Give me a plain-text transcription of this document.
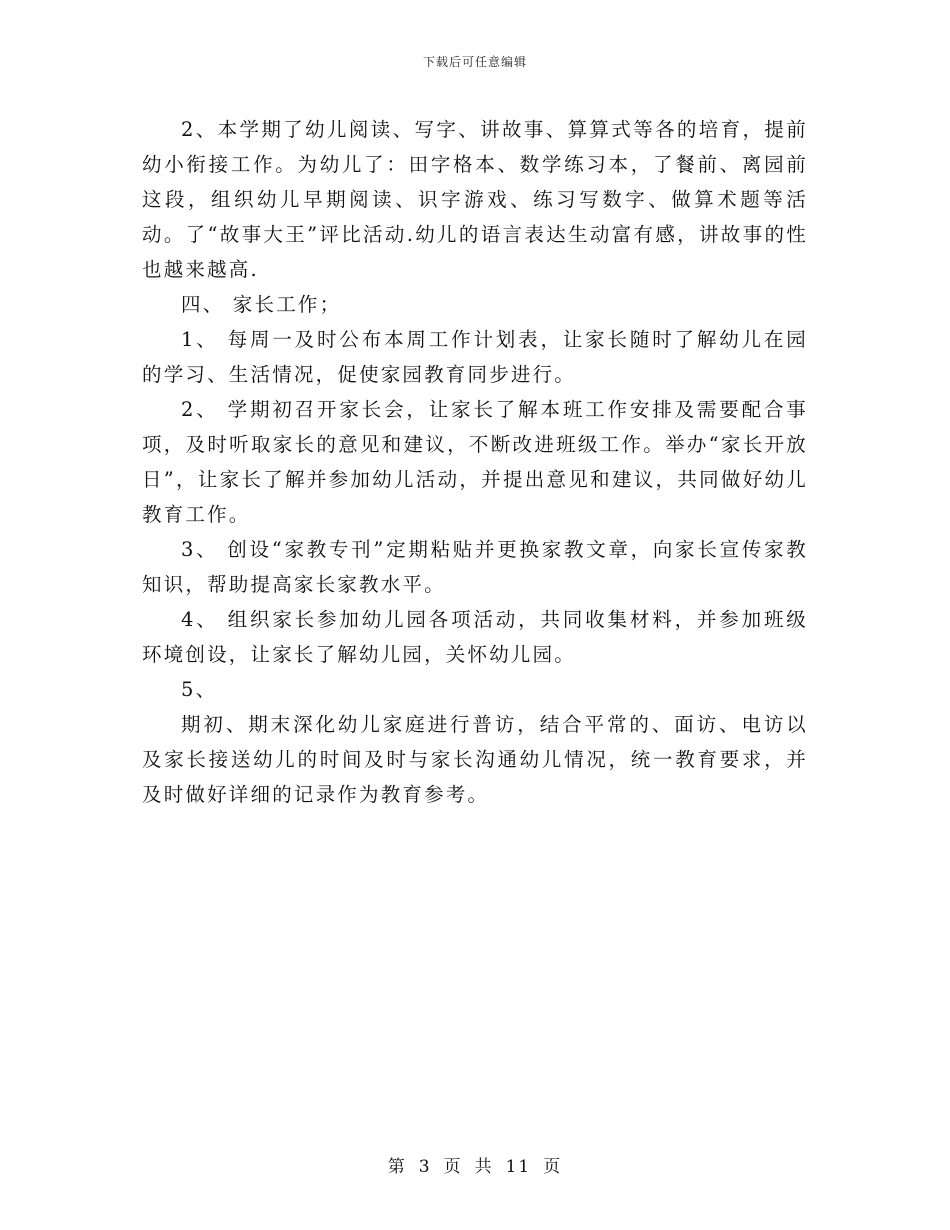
下载后可任意编辑

2、本学期了幼儿阅读、写字、讲故事、算算式等各的培育，提前幼小衔接工作。为幼儿了：田字格本、数学练习本，了餐前、离园前这段，组织幼儿早期阅读、识字游戏、练习写数字、做算术题等活动。了“故事大王”评比活动.幼儿的语言表达生动富有感，讲故事的性也越来越高.

四、 家长工作；

1、 每周一及时公布本周工作计划表，让家长随时了解幼儿在园的学习、生活情况，促使家园教育同步进行。

2、 学期初召开家长会，让家长了解本班工作安排及需要配合事项，及时听取家长的意见和建议，不断改进班级工作。举办“家长开放日”，让家长了解并参加幼儿活动，并提出意见和建议，共同做好幼儿教育工作。

3、 创设“家教专刊”定期粘贴并更换家教文章，向家长宣传家教知识，帮助提高家长家教水平。

4、 组织家长参加幼儿园各项活动，共同收集材料，并参加班级环境创设，让家长了解幼儿园，关怀幼儿园。

5、

期初、期末深化幼儿家庭进行普访，结合平常的、面访、电访以及家长接送幼儿的时间及时与家长沟通幼儿情况，统一教育要求，并及时做好详细的记录作为教育参考。

第 3 页 共 11 页
